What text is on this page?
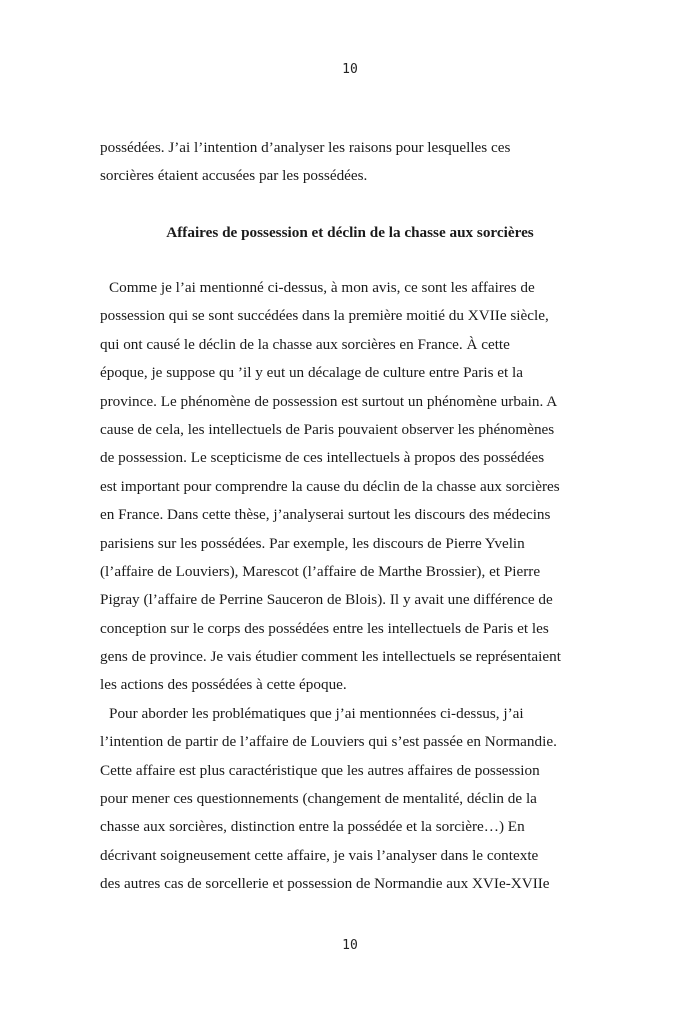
10
possédées. J’ai l’intention d’analyser les raisons pour lesquelles ces
sorcières étaient accusées par les possédées.
Affaires de possession et déclin de la chasse aux sorcières
Comme je l’ai mentionné ci-dessus, à mon avis, ce sont les affaires de
possession qui se sont succédées dans la première moitié du XVIIe siècle,
qui ont causé le déclin de la chasse aux sorcières en France. À cette
époque, je suppose qu ’il y eut un décalage de culture entre Paris et la
province. Le phénomène de possession est surtout un phénomène urbain. A
cause de cela, les intellectuels de Paris pouvaient observer les phénomènes
de possession. Le scepticisme de ces intellectuels à propos des possédées
est important pour comprendre la cause du déclin de la chasse aux sorcières
en France. Dans cette thèse, j’analyserai surtout les discours des médecins
parisiens sur les possédées. Par exemple, les discours de Pierre Yvelin
(l’affaire de Louviers), Marescot (l’affaire de Marthe Brossier), et Pierre
Pigray (l’affaire de Perrine Sauceron de Blois). Il y avait une différence de
conception sur le corps des possédées entre les intellectuels de Paris et les
gens de province. Je vais étudier comment les intellectuels se représentaient
les actions des possédées à cette époque.
Pour aborder les problématiques que j’ai mentionnées ci-dessus, j’ai
l’intention de partir de l’affaire de Louviers qui s’est passée en Normandie.
Cette affaire est plus caractéristique que les autres affaires de possession
pour mener ces questionnements (changement de mentalité, déclin de la
chasse aux sorcières, distinction entre la possédée et la sorcière…) En
décrivant soigneusement cette affaire, je vais l’analyser dans le contexte
des autres cas de sorcellerie et possession de Normandie aux XVIe-XVIIe
10
